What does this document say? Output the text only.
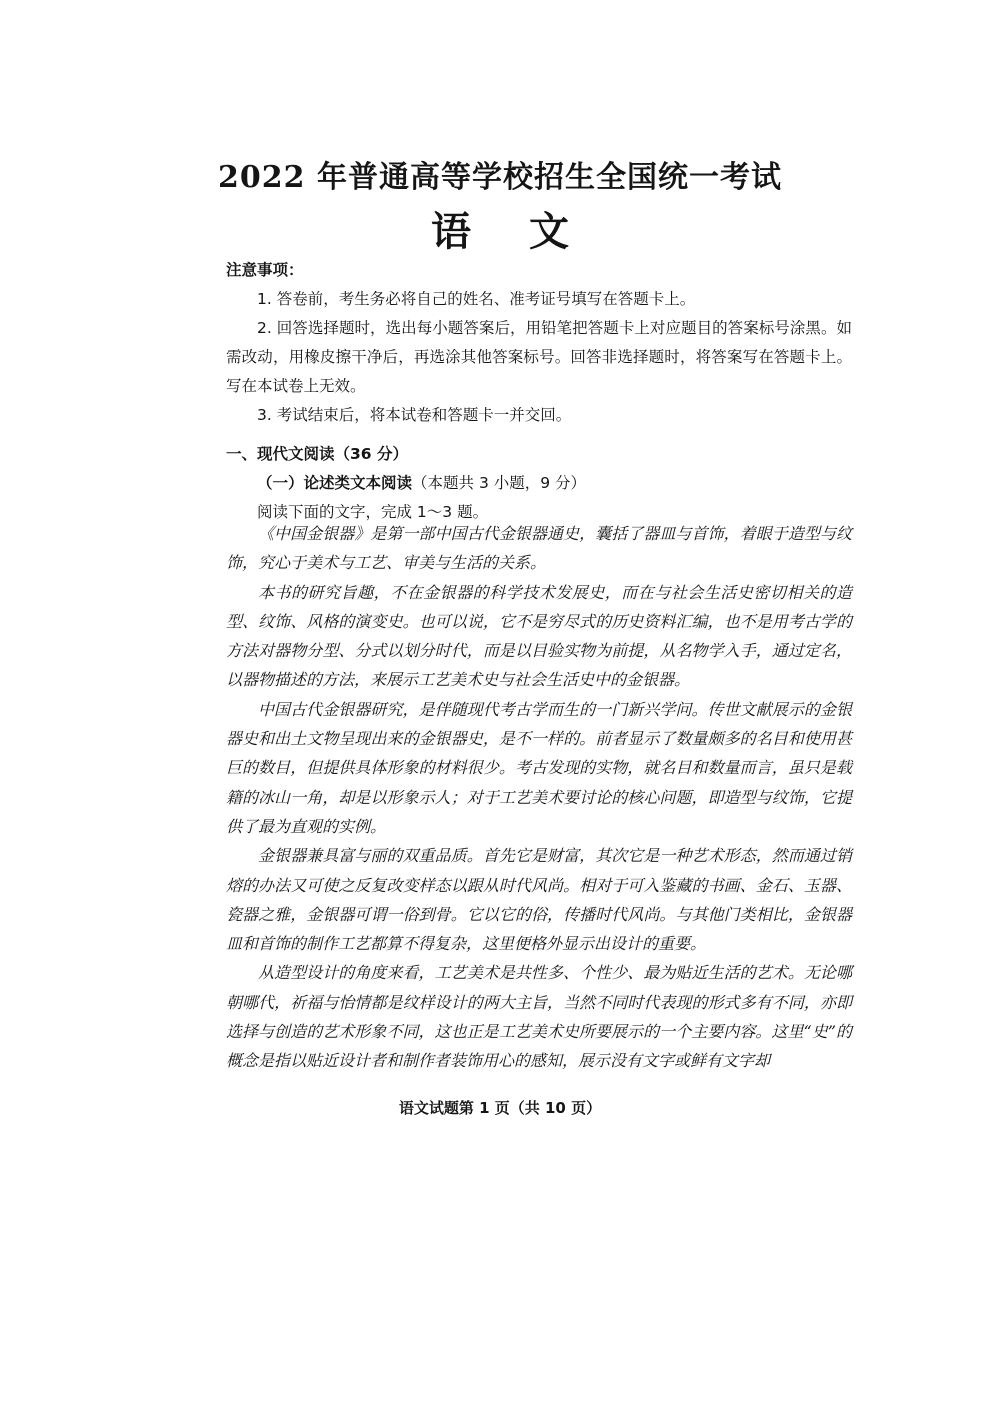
2022 年普通高等学校招生全国统一考试
语文
注意事项：

1. 答卷前，考生务必将自己的姓名、准考证号填写在答题卡上。

2. 回答选择题时，选出每小题答案后，用铅笔把答题卡上对应题目的答案标号涂黑。如需改动，用橡皮擦干净后，再选涂其他答案标号。回答非选择题时，将答案写在答题卡上。写在本试卷上无效。

3. 考试结束后，将本试卷和答题卡一并交回。

一、现代文阅读（36 分）
（一）论述类文本阅读（本题共 3 小题，9 分）
阅读下面的文字，完成 1～3 题。

《中国金银器》是第一部中国古代金银器通史，囊括了器皿与首饰，着眼于造型与纹饰，究心于美术与工艺、审美与生活的关系。

本书的研究旨趣，不在金银器的科学技术发展史，而在与社会生活史密切相关的造型、纹饰、风格的演变史。也可以说，它不是穷尽式的历史资料汇编，也不是用考古学的方法对器物分型、分式以划分时代，而是以目验实物为前提，从名物学入手，通过定名，以器物描述的方法，来展示工艺美术史与社会生活史中的金银器。

中国古代金银器研究，是伴随现代考古学而生的一门新兴学问。传世文献展示的金银器史和出土文物呈现出来的金银器史，是不一样的。前者显示了数量颇多的名目和使用甚巨的数目，但提供具体形象的材料很少。考古发现的实物，就名目和数量而言，虽只是载籍的冰山一角，却是以形象示人；对于工艺美术要讨论的核心问题，即造型与纹饰，它提供了最为直观的实例。

金银器兼具富与丽的双重品质。首先它是财富，其次它是一种艺术形态，然而通过销熔的办法又可使之反复改变样态以跟从时代风尚。相对于可入鉴藏的书画、金石、玉器、瓷器之雅，金银器可谓一俗到骨。它以它的俗，传播时代风尚。与其他门类相比，金银器皿和首饰的制作工艺都算不得复杂，这里便格外显示出设计的重要。

从造型设计的角度来看，工艺美术是共性多、个性少、最为贴近生活的艺术。无论哪朝哪代，祈福与怡情都是纹样设计的两大主旨，当然不同时代表现的形式多有不同，亦即选择与创造的艺术形象不同，这也正是工艺美术史所要展示的一个主要内容。这里“史”的概念是指以贴近设计者和制作者装饰用心的感知，展示没有文字或鲜有文字却

语文试题第 1 页（共 10 页）
